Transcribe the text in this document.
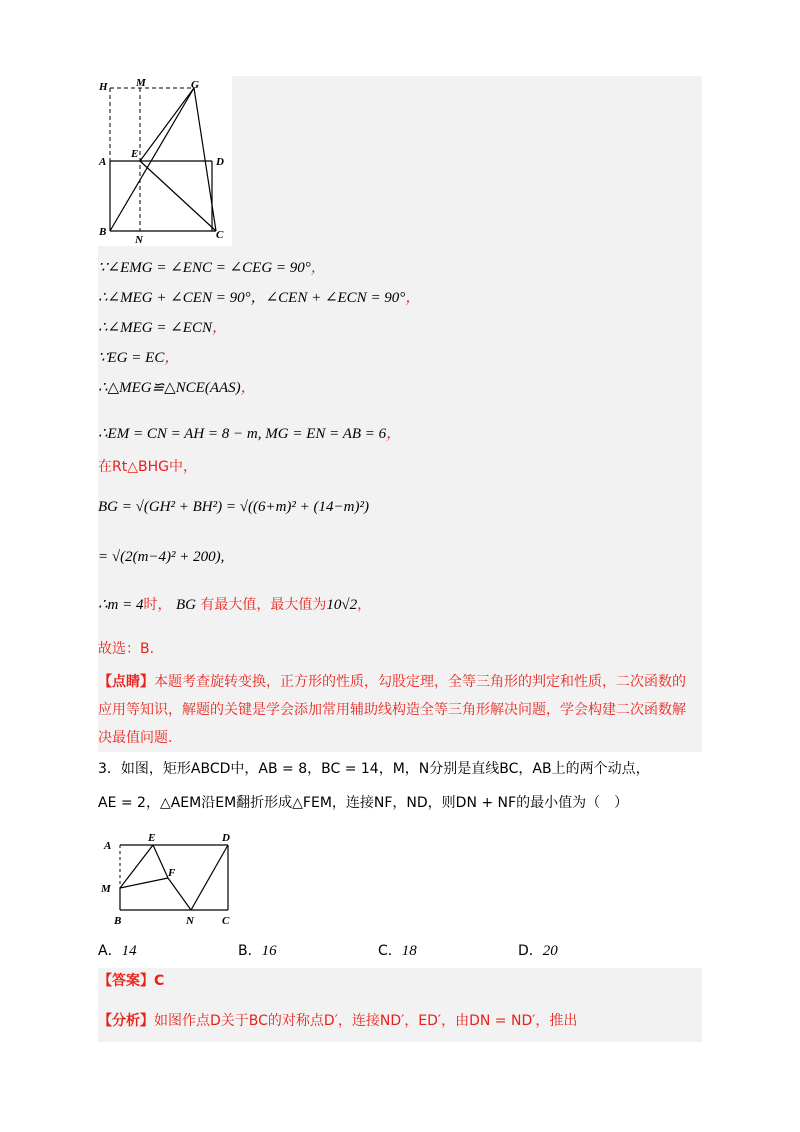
H	M	G
A
E
D
B
N	C
∵∠EMG = ∠ENC = ∠CEG = 90°，
∴∠MEG + ∠CEN = 90°，∠CEN + ∠ECN = 90°，
∴∠MEG = ∠ECN，
∵EG = EC，
∴△MEG≌△NCE(AAS)，
∴EM = CN = AH = 8 − m, MG = EN = AB = 6，
在Rt△BHG中，
BG = √(GH² + BH²) = √((6+m)² + (14−m)²)
= √(2(m−4)² + 200),
∴m = 4时， BG 有最大值，最大值为10√2，
故选：B.
【点睛】本题考查旋转变换，正方形的性质，勾股定理，全等三角形的判定和性质，二次函数的应用等知识，解题的关键是学会添加常用辅助线构造全等三角形解决问题，学会构建二次函数解决最值问题.
3．如图，矩形ABCD中，AB = 8，BC = 14，M，N分别是直线BC，AB上的两个动点，
AE = 2，△AEM沿EM翻折形成△FEM，连接NF，ND，则DN + NF的最小值为（　）
A
E	D
F
M
B	N	C
A．14	B．16	C．18	D．20
【答案】C
【分析】如图作点D关于BC的对称点D′，连接ND′，ED′，由DN = ND′，推出
